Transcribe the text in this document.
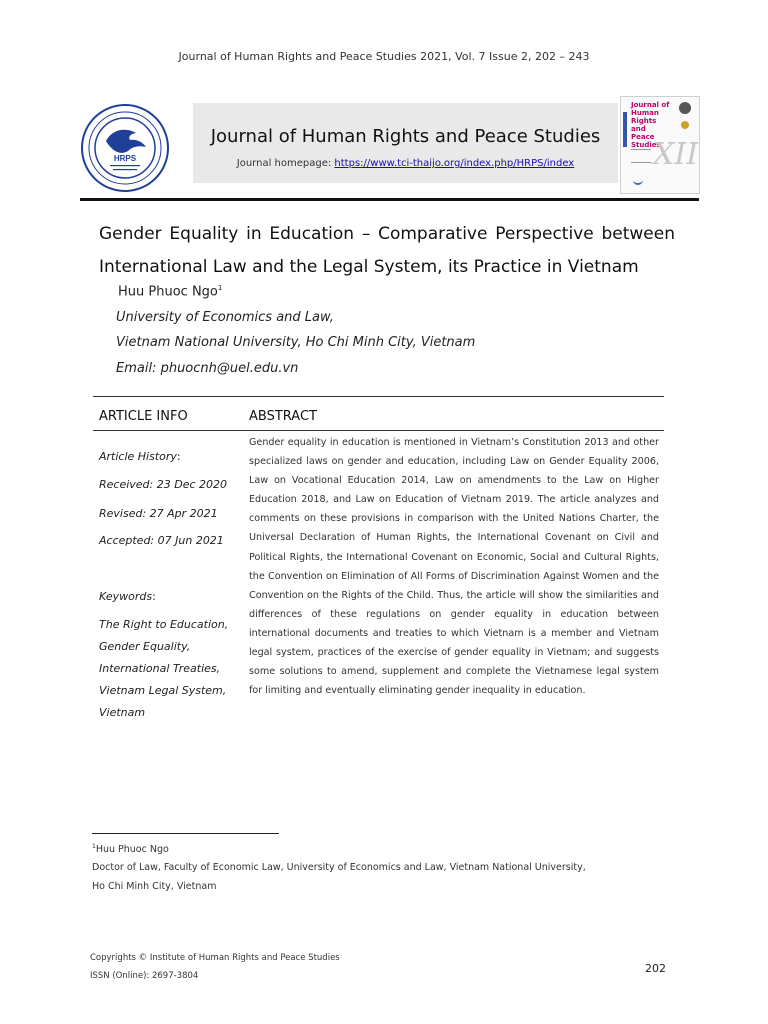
Journal of Human Rights and Peace Studies 2021, Vol. 7 Issue 2, 202 – 243
HRPS
Journal of Human Rights and Peace Studies
Journal homepage: https://www.tci-thaijo.org/index.php/HRPS/index
Journal of Human Rights and Peace Studies
XII
Gender Equality in Education – Comparative Perspective between
International Law and the Legal System, its Practice in Vietnam
Huu Phuoc Ngo$^1$
University of Economics and Law,
Vietnam National University, Ho Chi Minh City, Vietnam
Email: phuocnh@uel.edu.vn
ARTICLE INFO	ABSTRACT
Article History:
Received: 23 Dec 2020
Revised: 27 Apr 2021
Accepted: 07 Jun 2021
Keywords:
The Right to Education,
Gender Equality,
International Treaties,
Vietnam Legal System,
Vietnam
Gender equality in education is mentioned in Vietnam’s Constitution 2013 and other specialized laws on gender and education, including Law on Gender Equality 2006, Law on Vocational Education 2014, Law on amendments to the Law on Higher Education 2018, and Law on Education of Vietnam 2019. The article analyzes and comments on these provisions in comparison with the United Nations Charter, the Universal Declaration of Human Rights, the International Covenant on Civil and Political Rights, the International Covenant on Economic, Social and Cultural Rights, the Convention on Elimination of All Forms of Discrimination Against Women and the Convention on the Rights of the Child. Thus, the article will show the similarities and differences of these regulations on gender equality in education between international documents and treaties to which Vietnam is a member and Vietnam legal system, practices of the exercise of gender equality in Vietnam; and suggests some solutions to amend, supplement and complete the Vietnamese legal system for limiting and eventually eliminating gender inequality in education.
$^1$Huu Phuoc Ngo
Doctor of Law, Faculty of Economic Law, University of Economics and Law, Vietnam National University,
Ho Chi Minh City, Vietnam
Copyrights © Institute of Human Rights and Peace Studies
ISSN (Online): 2697-3804
202
